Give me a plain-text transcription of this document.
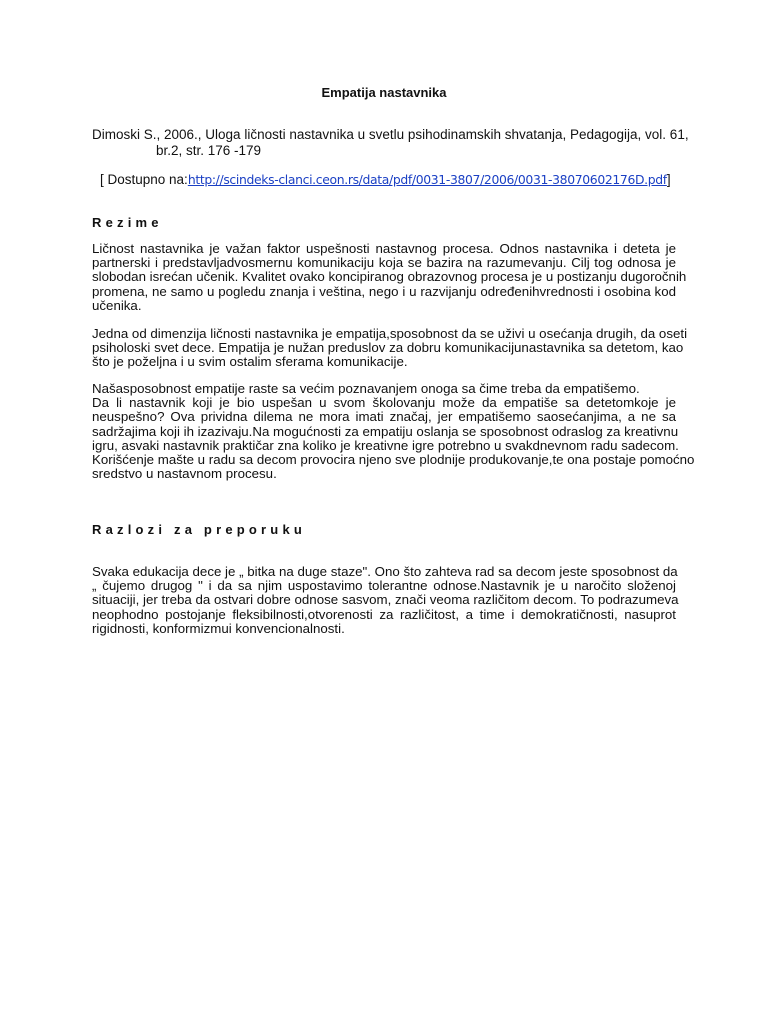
Empatija nastavnika
Dimoski S., 2006., Uloga ličnosti nastavnika u svetlu psihodinamskih shvatanja, Pedagogija, vol. 61,
br.2, str. 176 -179
[ Dostupno na:http://scindeks-clanci.ceon.rs/data/pdf/0031-3807/2006/0031-38070602176D.pdf]
Rezime
Ličnost nastavnika je važan faktor uspešnosti nastavnog procesa. Odnos nastavnika i deteta je
partnerski i predstavljadvosmernu komunikaciju koja se bazira na razumevanju. Cilj tog odnosa je
slobodan isrećan učenik. Kvalitet ovako koncipiranog obrazovnog procesa je u postizanju dugoročnih
promena, ne samo u pogledu znanja i veština, nego i u razvijanju određenihvrednosti i osobina kod
učenika.
Jedna od dimenzija ličnosti nastavnika je empatija,sposobnost da se uživi u osećanja drugih, da oseti
psiholoski svet dece. Empatija je nužan preduslov za dobru komunikacijunastavnika sa detetom, kao
što je poželjna i u svim ostalim sferama komunikacije.
Našasposobnost empatije raste sa većim poznavanjem onoga sa čime treba da empatišemo.
Da li nastavnik koji je bio uspešan u svom školovanju može da empatiše sa detetomkoje je
neuspešno? Ova prividna dilema ne mora imati značaj, jer empatišemo saosećanjima, a ne sa
sadržajima koji ih izazivaju.Na mogućnosti za empatiju oslanja se sposobnost odraslog za kreativnu
igru, asvaki nastavnik praktičar zna koliko je kreativne igre potrebno u svakdnevnom radu sadecom.
Korišćenje mašte u radu sa decom provocira njeno sve plodnije produkovanje,te ona postaje pomoćno
sredstvo u nastavnom procesu.
Razlozi za preporuku
Svaka edukacija dece je „ bitka na duge staze". Ono što zahteva rad sa decom jeste sposobnost da
„ čujemo drugog " i da sa njim uspostavimo tolerantne odnose.Nastavnik je u naročito složenoj
situaciji, jer treba da ostvari dobre odnose sasvom, znači veoma različitom decom. To podrazumeva
neophodno postojanje fleksibilnosti,otvorenosti za različitost, a time i demokratičnosti, nasuprot
rigidnosti, konformizmui konvencionalnosti.
